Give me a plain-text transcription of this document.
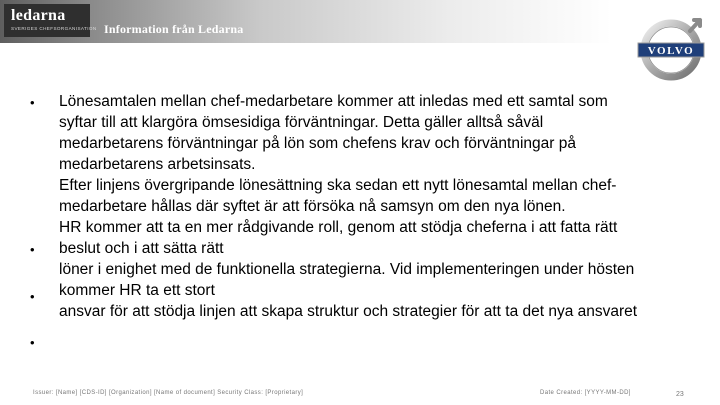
ledarna
SVERIGES CHEFSORGANISATION Information från Ledarna
VOLVO
•
•
•
•

Lönesamtalen mellan chef-medarbetare kommer att inledas med ett samtal som syftar till att klargöra ömsesidiga förväntningar. Detta gäller alltså såväl medarbetarens förväntningar på lön som chefens krav och förväntningar på medarbetarens arbetsinsats.

Efter linjens övergripande lönesättning ska sedan ett nytt lönesamtal mellan chef-medarbetare hållas där syftet är att försöka nå samsyn om den nya lönen.

HR kommer att ta en mer rådgivande roll, genom att stödja cheferna i att fatta rätt beslut och i att sätta rätt

löner i enighet med de funktionella strategierna. Vid implementeringen under hösten kommer HR ta ett stort

ansvar för att stödja linjen att skapa struktur och strategier för att ta det nya ansvaret

Issuer: [Name] [CDS-ID] [Organization] [Name of document] Security Class: [Proprietary]	Date Created: [YYYY-MM-DD]	23
